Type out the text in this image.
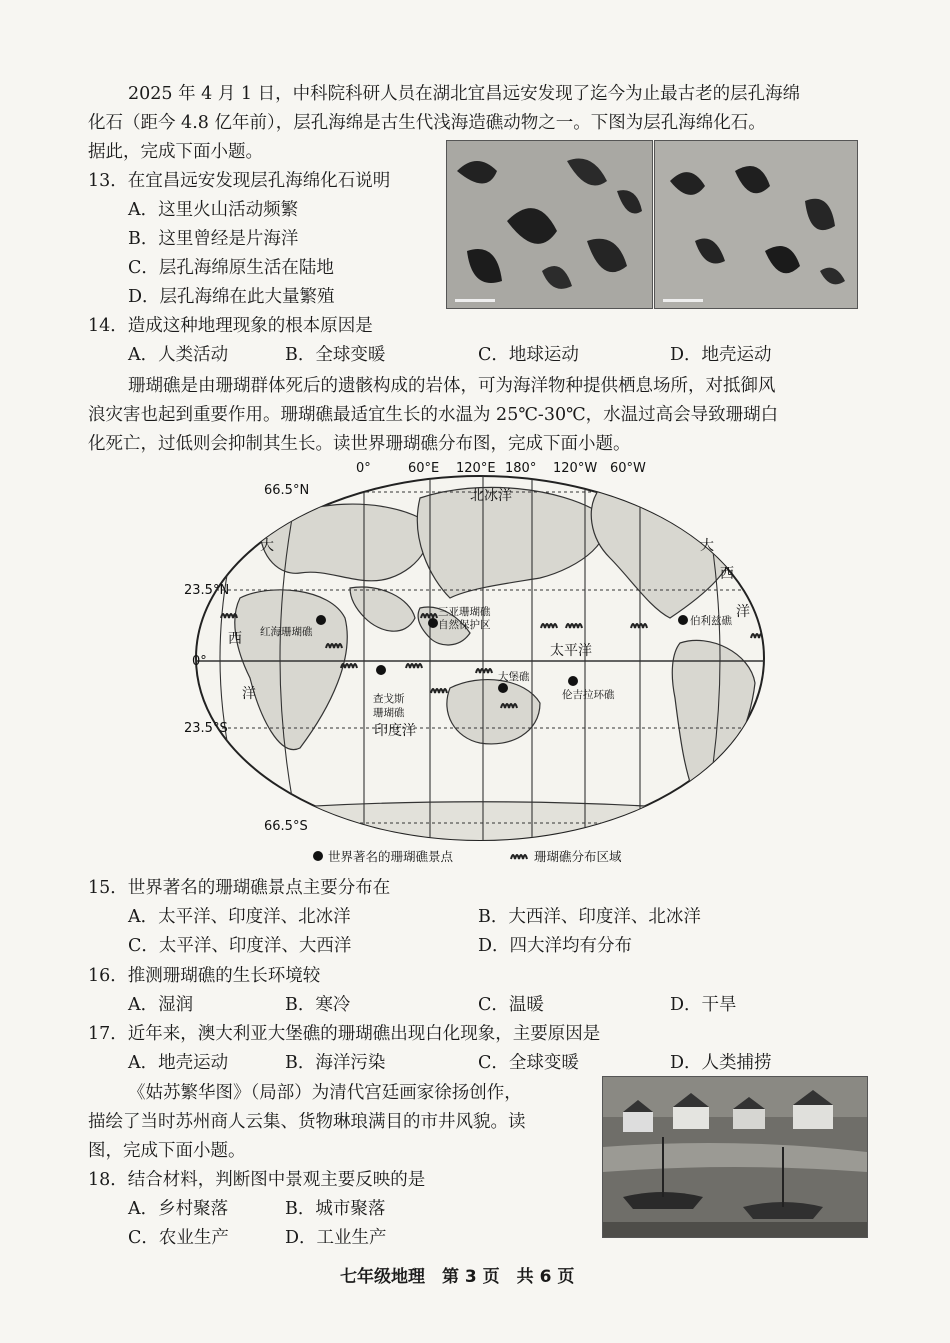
2025 年 4 月 1 日，中科院科研人员在湖北宜昌远安发现了迄今为止最古老的层孔海绵
化石（距今 4.8 亿年前），层孔海绵是古生代浅海造礁动物之一。下图为层孔海绵化石。
据此，完成下面小题。
13．在宜昌远安发现层孔海绵化石说明
A．这里火山活动频繁
B．这里曾经是片海洋
C．层孔海绵原生活在陆地
D．层孔海绵在此大量繁殖
14．造成这种地理现象的根本原因是
A．人类活动	B．全球变暖	C．地球运动	D．地壳运动
珊瑚礁是由珊瑚群体死后的遗骸构成的岩体，可为海洋物种提供栖息场所，对抵御风
浪灾害也起到重要作用。珊瑚礁最适宜生长的水温为 25℃-30℃，水温过高会导致珊瑚白
化死亡，过低则会抑制其生长。读世界珊瑚礁分布图，完成下面小题。
0°	60°E 120°E 180° 120°W 60°W
66.5°N
23.5°N
0°
23.5°S
66.5°S
北冰洋
大
西
洋
大
西
洋
太平洋
印度洋
红海珊瑚礁
三亚珊瑚礁
自然保护区
查戈斯
珊瑚礁
大堡礁
伦吉拉环礁
伯利兹礁
世界著名的珊瑚礁景点	珊瑚礁分布区域
15．世界著名的珊瑚礁景点主要分布在
A．太平洋、印度洋、北冰洋	B．大西洋、印度洋、北冰洋
C．太平洋、印度洋、大西洋	D．四大洋均有分布
16．推测珊瑚礁的生长环境较
A．湿润	B．寒冷	C．温暖	D．干旱
17．近年来，澳大利亚大堡礁的珊瑚礁出现白化现象，主要原因是
A．地壳运动	B．海洋污染	C．全球变暖	D．人类捕捞
《姑苏繁华图》（局部）为清代宫廷画家徐扬创作，
描绘了当时苏州商人云集、货物琳琅满目的市井风貌。读
图，完成下面小题。
18．结合材料，判断图中景观主要反映的是
A．乡村聚落	B．城市聚落
C．农业生产	D．工业生产
七年级地理　第 3 页　共 6 页
